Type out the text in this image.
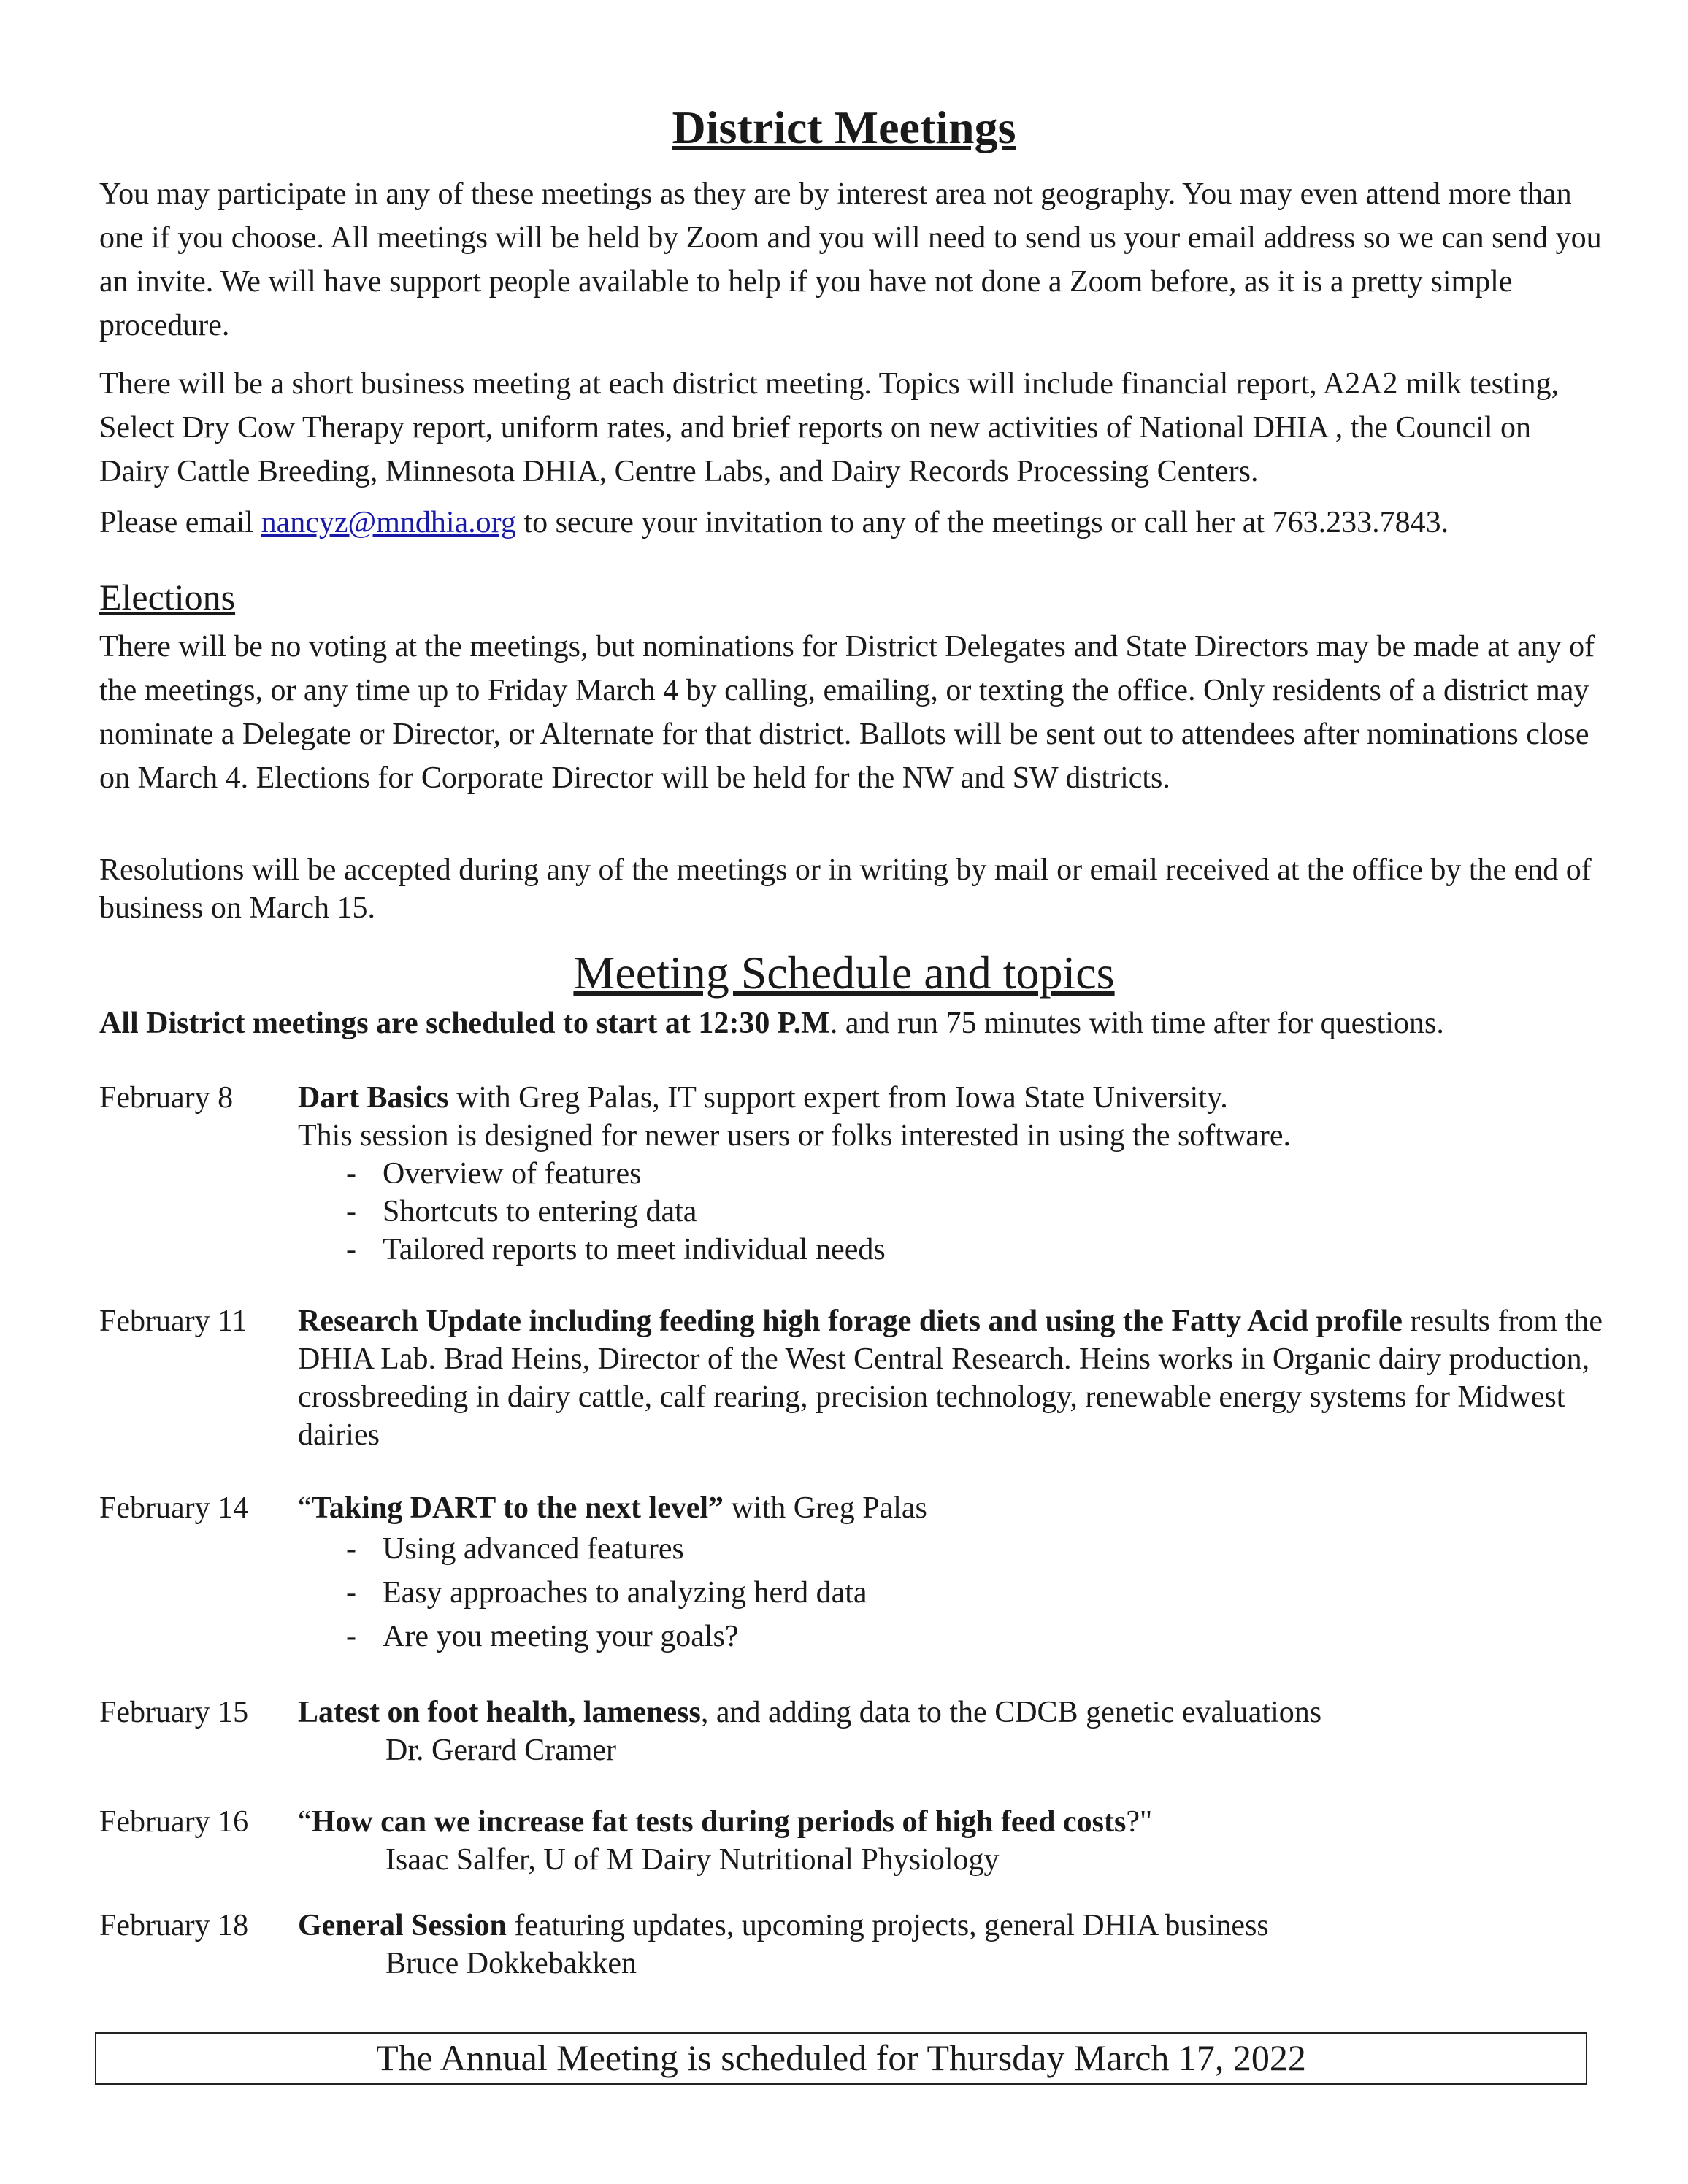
District Meetings

You may participate in any of these meetings as they are by interest area not geography. You may even attend more than one if you choose. All meetings will be held by Zoom and you will need to send us your email address so we can send you an invite. We will have support people available to help if you have not done a Zoom before, as it is a pretty simple procedure.

There will be a short business meeting at each district meeting. Topics will include financial report, A2A2 milk testing, Select Dry Cow Therapy report, uniform rates, and brief reports on new activities of National DHIA , the Council on Dairy Cattle Breeding, Minnesota DHIA, Centre Labs, and Dairy Records Processing Centers.

Please email nancyz@mndhia.org to secure your invitation to any of the meetings or call her at 763.233.7843.

Elections

There will be no voting at the meetings, but nominations for District Delegates and State Directors may be made at any of the meetings, or any time up to Friday March 4 by calling, emailing, or texting the office. Only residents of a district may nominate a Delegate or Director, or Alternate for that district. Ballots will be sent out to attendees after nominations close on March 4. Elections for Corporate Director will be held for the NW and SW districts.

Resolutions will be accepted during any of the meetings or in writing by mail or email received at the office by the end of business on March 15.

Meeting Schedule and topics

All District meetings are scheduled to start at 12:30 P.M. and run 75 minutes with time after for questions.

February 8 Dart Basics with Greg Palas, IT support expert from Iowa State University.
This session is designed for newer users or folks interested in using the software.
- Overview of features
- Shortcuts to entering data
- Tailored reports to meet individual needs
February 11 Research Update including feeding high forage diets and using the Fatty Acid profile results from the DHIA Lab. Brad Heins, Director of the West Central Research. Heins works in Organic dairy production, crossbreeding in dairy cattle, calf rearing, precision technology, renewable energy systems for Midwest dairies
February 14 “Taking DART to the next level” with Greg Palas
- Using advanced features
- Easy approaches to analyzing herd data
- Are you meeting your goals?
February 15 Latest on foot health, lameness, and adding data to the CDCB genetic evaluations
Dr. Gerard Cramer
February 16 “How can we increase fat tests during periods of high feed costs?"
Isaac Salfer, U of M Dairy Nutritional Physiology
February 18 General Session featuring updates, upcoming projects, general DHIA business
Bruce Dokkebakken
The Annual Meeting is scheduled for Thursday March 17, 2022
